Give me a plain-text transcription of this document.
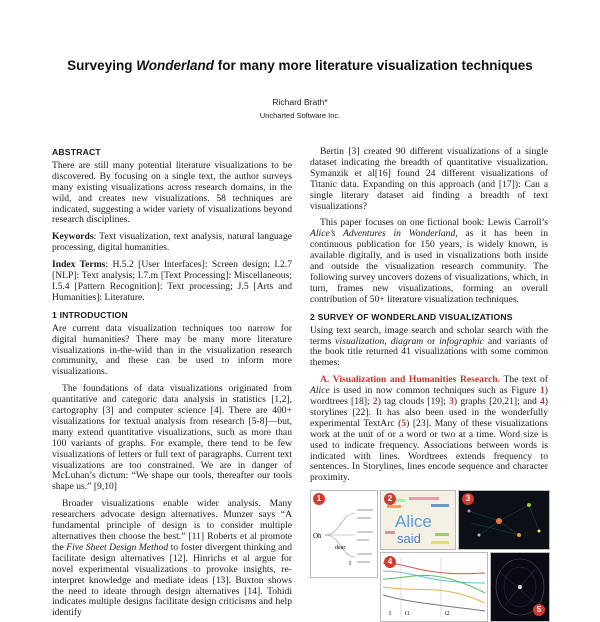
Surveying Wonderland for many more literature visualization techniques
Richard Brath*
Uncharted Software Inc.
ABSTRACT

There are still many potential literature visualizations to be discovered. By focusing on a single text, the author surveys many existing visualizations across research domains, in the wild, and creates new visualizations. 58 techniques are indicated, suggesting a wider variety of visualizations beyond research disciplines.

Keywords: Text visualization, text analysis, natural language processing, digital humanities.

Index Terms: H.5.2 [User Interfaces]: Screen design; I.2.7 [NLP]: Text analysis; I.7.m [Text Processing]: Miscellaneous; I.5.4 [Pattern Recognition]: Text processing; J.5 [Arts and Humanities]: Literature.

1 INTRODUCTION

Are current data visualization techniques too narrow for digital humanities? There may be many more literature visualizations in-the-wild than in the visualization research community, and these can be used to inform more visualizations.

The foundations of data visualizations originated from quantitative and categoric data analysis in statistics [1,2], cartography [3] and computer science [4]. There are 400+ visualizations for textual analysis from research [5-8]—but, many extend quantitative visualizations, such as more than 100 variants of graphs. For example, there tend to be few visualizations of letters or full text of paragraphs. Current text visualizations are too constrained. We are in danger of McLuhan’s dictum: “We shape our tools, thereafter our tools shape us.” [9,10]

Broader visualizations enable wider analysis. Many researchers advocate design alternatives. Munzer says “A fundamental principle of design is to consider multiple alternatives then choose the best.” [11] Roberts et al promote the Five Sheet Design Method to foster divergent thinking and facilitate design alternatives [12]. Hinrichs et al argue for novel experimental visualizations to provoke insights, re-interpret knowledge and mediate ideas [13]. Buxton shows the need to ideate through design alternatives [14]. Tohidi indicates multiple designs facilitate design criticisms and help identify

Bertin [3] created 90 different visualizations of a single dataset indicating the breadth of quantitative visualization. Symanzik et al[16] found 24 different visualizations of Titanic data. Expanding on this approach (and [17]): Can a single literary dataset aid finding a breadth of text visualizations?

This paper focuses on one fictional book: Lewis Carroll’s Alice’s Adventures in Wonderland, as it has been in continuous publication for 150 years, is widely known, is available digitally, and is used in visualizations both inside and outside the visualization research community. The following survey uncovers dozens of visualizations, which, in turn, frames new visualizations, forming an overall contribution of 50+ literature visualization techniques.

2 SURVEY OF WONDERLAND VISUALIZATIONS

Using text search, image search and scholar search with the terms visualization, diagram or infographic and variants of the book title returned 41 visualizations with some common themes:

A. Visualization and Humanities Research. The text of Alice is used in now common techniques such as Figure 1) wordtrees [18]; 2) tag clouds [19]; 3) graphs [20,21]; and 4) storylines [22]. It has also been used in the wonderfully experimental TextArc (5) [23]. Many of these visualizations work at the unit of or a word or two at a time. Word size is used to indicate frequency. Associations between words is indicated with lines. Wordtrees extends frequency to sentences. In Storylines, lines encode sequence and character proximity.

Oh
dear
I
Alice
said
I t1	t2
1	2	3
4
5
